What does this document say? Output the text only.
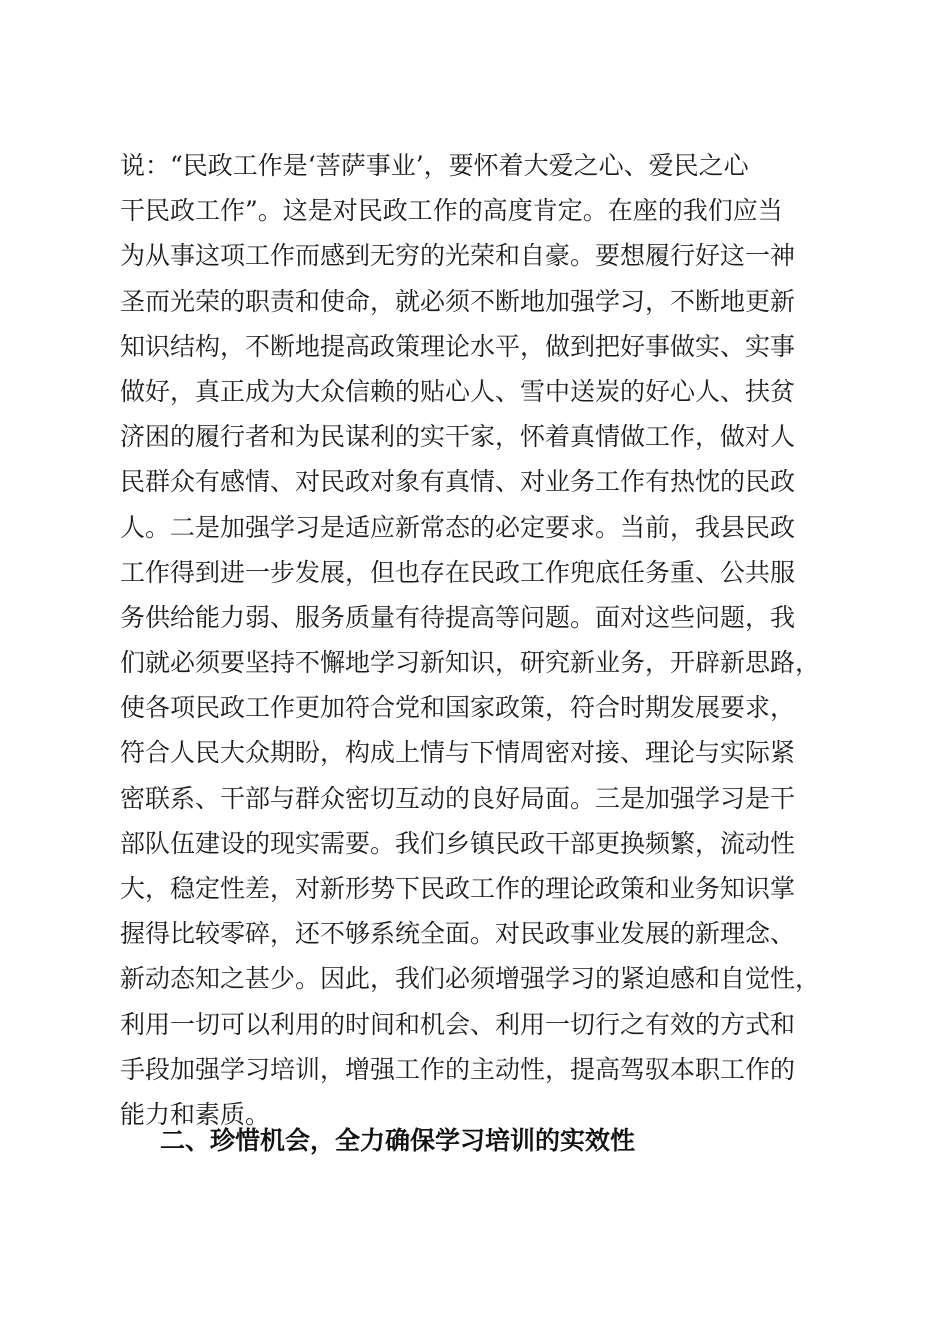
说：“民政工作是‘菩萨事业’，要怀着大爱之心、爱民之心
干民政工作”。这是对民政工作的高度肯定。在座的我们应当
为从事这项工作而感到无穷的光荣和自豪。要想履行好这一神
圣而光荣的职责和使命，就必须不断地加强学习，不断地更新
知识结构，不断地提高政策理论水平，做到把好事做实、实事
做好，真正成为大众信赖的贴心人、雪中送炭的好心人、扶贫
济困的履行者和为民谋利的实干家，怀着真情做工作，做对人
民群众有感情、对民政对象有真情、对业务工作有热忱的民政
人。二是加强学习是适应新常态的必定要求。当前，我县民政
工作得到进一步发展，但也存在民政工作兜底任务重、公共服
务供给能力弱、服务质量有待提高等问题。面对这些问题，我
们就必须要坚持不懈地学习新知识，研究新业务，开辟新思路，
使各项民政工作更加符合党和国家政策，符合时期发展要求，
符合人民大众期盼，构成上情与下情周密对接、理论与实际紧
密联系、干部与群众密切互动的良好局面。三是加强学习是干
部队伍建设的现实需要。我们乡镇民政干部更换频繁，流动性
大，稳定性差，对新形势下民政工作的理论政策和业务知识掌
握得比较零碎，还不够系统全面。对民政事业发展的新理念、
新动态知之甚少。因此，我们必须增强学习的紧迫感和自觉性，
利用一切可以利用的时间和机会、利用一切行之有效的方式和
手段加强学习培训，增强工作的主动性，提高驾驭本职工作的
能力和素质。
二、珍惜机会，全力确保学习培训的实效性
